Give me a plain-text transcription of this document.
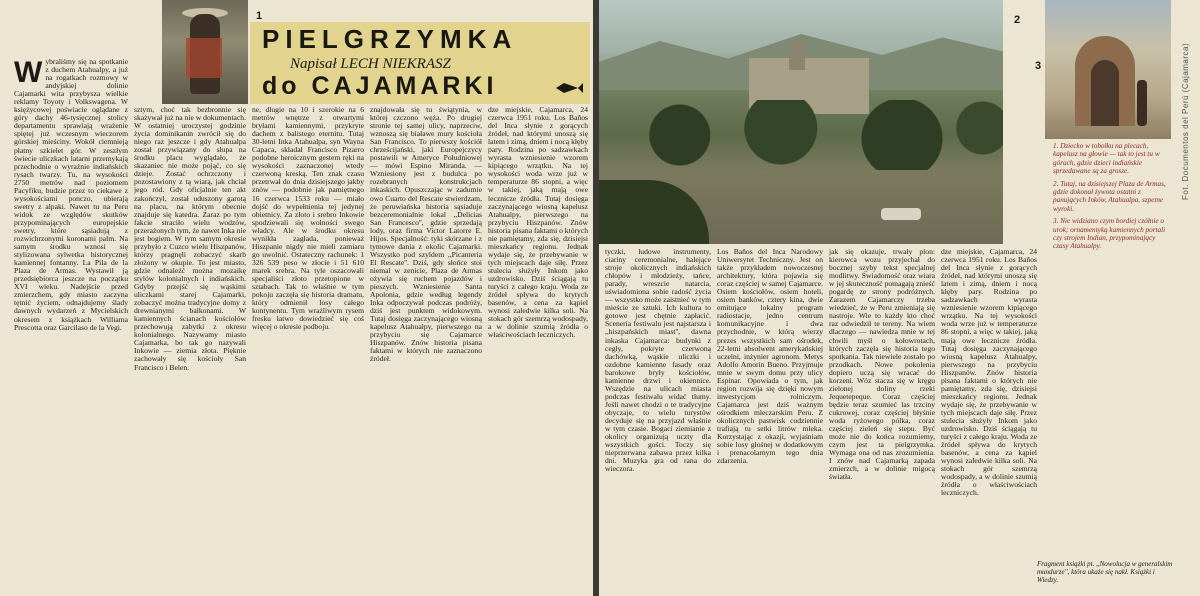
1
PIELGRZYMKA
Napisał LECH NIEKRASZ
do CAJAMARKI
Wybraliśmy się na spotkanie z duchem Atahualpy, a już na rogatkach rozmowy w andyjskiej dolinie Cajamarki wita przybysza wielkie reklamy Toyoty i Volkswagena. W księżycowej poświacie oglądane z góry dachy 46-tysięcznej stolicy departamentu sprawiają wrażenie spiętej już wczesnym wieczorem górskiej mieściny. Wokół ciemnieją płatny szkielet gór. W zeszłym świecie uliczkach latarni przemykają przechodnie o wyraźnie indiańskich rysach twarzy. Tu, na wysokości 2750 metrów nad poziomem Pacyfiku, budzie przez to ciekawe z wysokościami ponczo, ubierają swetry z alpaki. Nawet tu na Peru widok ze względów skutków przypominających europejskie swetry, które sąsiadują z rozwichrzonymi koronami palm. Na samym środku wznosi się stylizowana sylwetka historycznej kamiennej fontanny. La Pila de la Plaza de Armas. Wystawił ją przedsiębiorca jeszcze na początku XVI wieku. Nadejście przed zmierzchem, gdy miasto zaczyna tętnić życiem, odnajdujemy ślady dawnych wydarzeń z Mycielskich okresem z książkach Williama Prescotta oraz Garcilaso de la Vegi.
sztym, choć tak bezbronnie się skażywał już na nie w dokumentach. W ostatniej uroczystej godzinie życia dominikanin zwrócił się do niego raz jeszcze i gdy Atahualpa został przywiązany do słupa na środku placu wyglądało, że skazaniec nie może pojąć, co się dzieje. Zostać ochrzczony i pozostawiony z tą wiarą, jak chciał jego ród. Gdy oficjalnie ten akt zakończył, został uduszony garotą na placu, na którym obecnie znajduje się katedra. Zaraz po tym fakcie straciło wielu wodzów, przerażonych tym, że nawet Inka nie jest bogiem. W tym samym okresie przybyło z Cuzco wielu Hiszpanów, którzy pragnęli zobaczyć skarb złożony w okupie. To jest miasto, gdzie odnaleźć można mozaikę stylów kolonialnych i indiańskich. Gdyby przejść się wąskimi uliczkami starej Cajamarki, zobaczyć można tradycyjne domy z drewnianymi balkonami. W kamiennych ścianach kościołów przechowują zabytki z okresu kolonialnego. Nazywamy miasto Cajamarka, bo tak go nazywali Inkowie — ziemia złota. Pięknie zachowały się kościoły San Francisco i Belen.
ne, długie na 10 i szerokie na 6 metrów wnętrze z otwartymi bryłami kamiennymi, przykryte dachem z balistego eternitu. Tutaj 30-letni Inka Atahualpa, syn Wayna Capaca, składał Francisco Pizarro podobne heroicznym gestem ręki na wysokości zaznaczonej wtedy czerwoną kreską. Ten znak czasu przetrwał do dnia dzisiejszego jakby znów — podobnie jak pamiętnego 16 czerwca 1533 roku — miało dojść do wypełnienia tej jedynej obietnicy. Za złoto i srebro Inkowie spodziewali się wolności swego władcy. Ale w środku okresu wynikła zagłada, ponieważ Hiszpanie nigdy nie mieli zamiaru go uwolnić. Ostateczny rachunek: 1 326 539 peso w złocie i 51 610 marek srebra. Na tyle oszacowali specjaliści złoto przetopione w sztabach. Tak to właśnie w tym pokoju zaczęła się historia dramatu, który odmienił losy całego kontynentu. Tym wrażliwym rysem fresku łatwo dowiedzieć się coś więcej o okresie podboju.
znajdowała się tu świątynia, w której czczono węża. Po drugiej stronie tej samej ulicy, naprzeciw, wznoszą się białawe mury kościoła San Francisco. To pierwszy kościół chrześcijański, jaki Europejczycy postawili w Ameryce Południowej — mówi Espino Miranda. — Wzniesiony jest z budulca po rozebranych konstrukcjach inkaskich. Opuszczając w zadumie owo Cuarto del Rescate stwierdzam, że peruwiańska historia sąsiaduje bezceremonialnie lokal ,,Delicias San Francesco'', gdzie sprzedają lody, oraz firma Victor Latorre E. Hijos. Specjalność: tyki skórzane i z tymowe dania z okolic Cajamarki. Wszystko pod szyldem ,,Picanteria El Rescate''. Dziś, gdy słońce stoi niemal w zenicie, Plaza de Armas ożywia się ruchem pojazdów i pieszych. Wzniesienie Santa Apolonia, gdzie według legendy Inka odpoczywał podczas podróży, dziś jest punktem widokowym. Tutaj dosięga zaczynającego wiosną kapelusz Atahualpy, pierwszego na przybyciu się Cajamarce Hiszpanów. Znów historia pisana faktami w których nie zaznaczono źródeł.
dze miejskie, Cajamarca, 24 czerwca 1951 roku. Los Baños del Inca słynie z gorących źródeł, nad którymi unoszą się latem i zimą, dniem i nocą kłęby pary. Rodzina po sadzawkach wyrasta wzniesienie wzorem kipiącego wrzątku. Na tej wysokości woda wrze już w temperaturze 86 stopni, a więc w takiej, jaką mają owe lecznicze źródła. Tutaj dosięga zaczynającego wiosną kapelusz Atahualpy, pierwszego na przybyciu Hiszpanów. Znów historia pisana faktami o których nie pamiętamy, zda się, dzisiejsi mieszkańcy regionu. Jednak wydaje się, że przebywanie w tych miejscach daje siłę. Przez stulecia służyły Inkom jako uzdrowisko. Dziś ściągają tu turyści z całego kraju. Woda ze źródeł spływa do krytych basenów, a cena za kąpiel wynosi zaledwie kilka soli. Na stokach gór szemrzą wodospady, a w dolinie szumią źródła o właściwościach leczniczych.
2
3	Fot. Documentos del Perú (Cajamarca)

1. Dziecko w tobołku na plecach, kapelusz na głowie — tak to jest tu w górach, gdzie dzieci indiańskie sprzedawane są za grosze.

2. Tutaj, na dzisiejszej Plaza de Armas, gdzie dokonał żywota ostatni z panujących Inków, Atahualpa, szpetne wyroki.

3. Nie widziano czym bordiej czółnie o urok; ornamentyką kamiennych portali czy strojem Indian, przypominający czasy Atahualpy.

tyczki, ludowe instrumenty, ciariny ceremonialne, halejące stroje okolicznych indiańskich chłopów i młodzieży, tańce, parady, wreszcie natarcia, uświadomiona sobie radość życia — wszystko może zaistnieć w tym mieście ze sztuki. Ich kultura to gotowe jest chętnie zapłacić. Sceneria festiwalu jest najstarsza i ,,hiszpańskich miast'', dawna inkaska Cajamarca: budynki z cegły, pokryte czerwoną dachówką, wąskie uliczki i ozdobne kamienne fasady oraz barokowe bryły kościołów, kamienne drzwi i okiennice. Wszędzie na ulicach miasta podczas festiwalu widać tłumy. Jeśli nawet chodzi o te tradycyjne obyczaje, to wielu turystów decyduje się na przyjazd właśnie w tym czasie. Bogaci ziemianie z okolicy organizują uczty dla wszystkich gości. Toczy się nieprzerwana zabawa przez kilka dni. Muzyka gra od rana do wieczora.
Los Baños del Inca Narodowy Uniwersytet Techniczny. Jest on także przykładem nowoczesnej architektury, która pojawia się coraz częściej w samej Cajamarce. Osiem kościołów, osiem hoteli, osiem banków, cztery kina, dwie emitujące lokalny program radiostacje, jedno centrum komunikacyjne i dwa przychodnie, w którą wierzy prezes wszystkich sam ośrodek, 22-letni absolwent amerykańskiej uczelni, inżynier agronom. Metys Adolfo Amorin Bueno. Przyjmuje mnie w swym domu przy ulicy Espinar. Opowiada o tym, jak region rozwija się dzięki nowym inwestycjom rolniczym. Cajamarca jest dziś ważnym ośrodkiem mleczarskim Peru. Z okolicznych pastwisk codziennie trafiają tu setki litrów mleka. Korzystając z okazji, wyjaśniam sobie losy głośnej w dodatkowym i prenacolarnym tego dnia zdarzenia.
jak się okazuje, trwały plon: kierowca wozu przyjechał do bocznej szyby tekst specjalnej modlitwy. Świadomość oraz wiara w jej skuteczność pomagają znieść pogardę ze strony podróżnych. Zarazem Cajamarczy trzeba wiedzieć, że w Peru zmieniają się nastroje. Wie to każdy kto choć raz odwiedził te tereny. Na wiem dlaczego — nawiedza mnie w tej chwili myśl o kołowrotach, których zaczęła się historia tego spotkania. Tak niewiele zostało po przodkach. Nowe pokolenia dopiero uczą się wracać do korzeni. Wóz stacza się w kręgu zielonej doliny rzeki Jequetepeque. Coraz częściej będzie teraz szumieć las trzciny cukrowej, coraz częściej błyśnie woda ryżowego pólka, coraz częściej zieleń się stepu. Być może nie do końca rozumiemy, czym jest ta pielgrzymka. Wymaga ona od nas zrozumienia. I znów nad Cajamarką zapada zmierzch, a w dolinie migocą światła.
dze miejskie, Cajamarca, 24 czerwca 1951 roku. Los Baños del Inca słynie z gorących źródeł, nad którymi unoszą się latem i zimą, dniem i nocą kłęby pary. Rodzina po sadzawkach wyrasta wzniesienie wzorem kipiącego wrzątku. Na tej wysokości woda wrze już w temperaturze 86 stopni, a więc w takiej, jaką mają owe lecznicze źródła. Tutaj dosięga zaczynającego wiosną kapelusz Atahualpy, pierwszego na przybyciu Hiszpanów. Znów historia pisana faktami o których nie pamiętamy, zda się, dzisiejsi mieszkańcy regionu. Jednak wydaje się, że przebywanie w tych miejscach daje siłę. Przez stulecia służyły Inkom jako uzdrowisko. Dziś ściągają tu turyści z całego kraju. Woda ze źródeł spływa do krytych basenów, a cena za kąpiel wynosi zaledwie kilka soli. Na stokach gór szemrzą wodospady, a w dolinie szumią źródła o właściwościach leczniczych.
Fragment książki pt. ,,Nowolucja w generalskim mundurze'', która ukaże się nakł. Książki i Wiedzy.
